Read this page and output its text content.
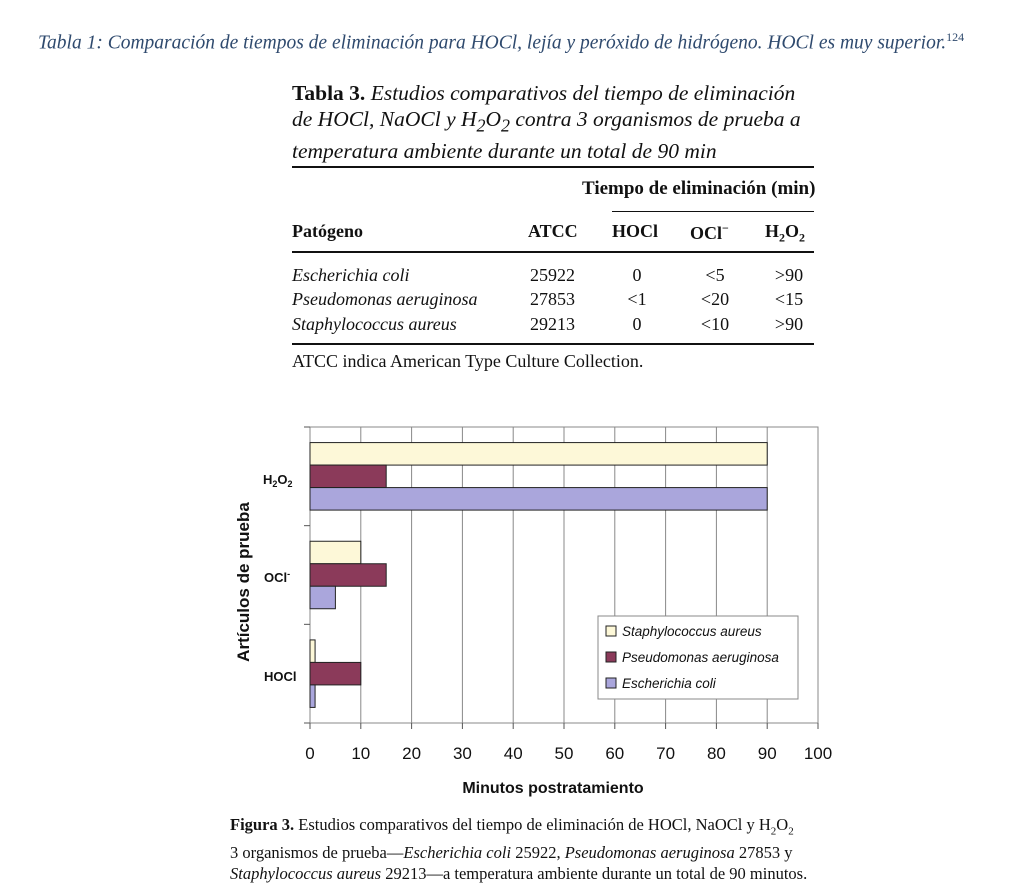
Tabla 1: Comparación de tiempos de eliminación para HOCl, lejía y peróxido de hidrógeno. HOCl es muy superior.$^{124}$
Tabla 3. Estudios comparativos del tiempo de eliminación
de HOCl, NaOCl y $H_2O_2$ contra 3 organismos de prueba a
temperatura ambiente durante un total de 90 min
Tiempo de eliminación (min)
Patógeno	ATCC HOCl OCl− $H_2O_2$
Escherichia coli	25922	0	<5	>90
Pseudomonas aeruginosa	27853	<1	<20	<15
Staphylococcus aureus	29213	0	<10	>90
ATCC indica American Type Culture Collection.
0 10 20 30 40 50 60 70 80 90 100
$H_2O_2$
OCl-
HOCl
Minutos postratamiento
Artículos de prueba	Staphylococcus aureus
Pseudomonas aeruginosa
Escherichia coli
Figura 3. Estudios comparativos del tiempo de eliminación de HOCl, NaOCl y $H_2O_2$
3 organismos de prueba—Escherichia coli 25922, Pseudomonas aeruginosa 27853 y
Staphylococcus aureus 29213—a temperatura ambiente durante un total de 90 minutos.
